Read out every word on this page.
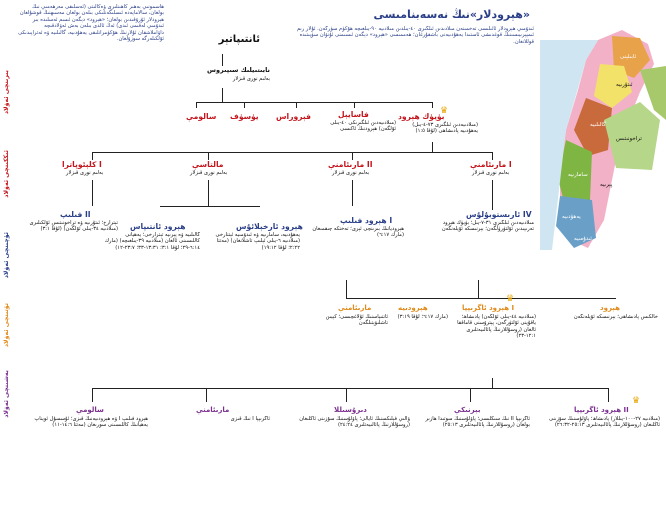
بىرىنچى ئەۋلاد
ئىككىنچى ئەۋلاد
ئۈچىنچى ئەۋلاد
تۆتىنچى ئەۋلاد
بەشىنچى ئەۋلاد
ھاسمونىي بەھىر كاھىنلىرى ۋەكالىتى (ئەسلىقى مەرھەمىي نىڭ بولغان، سالاماپەدە ئىسلىگەنلىكى بىلەن بولغان مەسىھنىڭ قوشۇلغان ھېرودلار ئۇرۇقىدىن بولغان؛ «ھېرود» دېگەن ئىسم ئەسلىدە بىر ئىدۇمىي لەقىمى ئىدى) ئەڭ ئالدى بىلەن بەش ئەۋلادقىچە داۋاملاشقان ئۇلارنىڭ ھۆكۈمرانلىقى يەھۇدىيە، گالىلىيە ۋە ئەتراپىدىكى ئۆلكىلەرگە سوزۇلغان.
«ھېرودلار»نىڭ نەسەبنامىسى
ئىدۇمىي ھېرودلار ئائىلىسى تەخمىنەن مىلادىدىن ئىلگىرى ٤٠-يىلدىن مىلادىيە ٩٠-يىلغىچە ھۆكۈم سۈرگەن. ئۇلار رىم ئىمپېرىيىسىنىڭ قوغدىشى ئاستىدا يەھۇدىيەنى باشقۇرغان؛ ھەممىسى «ھېرود» دېگەن ئىسىمنى ئۇنۋان سۈپىتىدە قوللانغان.
ئابىلېنى
ئىتۇرىيە
گالىلىيە
تراخونىتىس
سامارىيە
پېرىيە
يەھۇدىيە
ئىدۇمىيە
ئانتىپاتېر
نابىتىيلىك سىپىروس
بەلىم نورى قىزلار
سالومې يۈسۈف فېروراس	فاسايېل
(مىلادىيەدىن ئىلگىرىكى ٤٠-يىلى ئۆلگەن) ھېرودنىڭ ئاكىسى
♛
بۈيۈك ھېرود
(مىلادىيەدىن ئىلگىرى ٧٣-٤-يىل) يەھۇدىيە پادىشاھى (لۇقا ١:٥)
كلېئوپاترا I
بەلىم نورى قىزلار
مالتاسې
بەلىم نورى قىزلار
مارىئامنې II
بەلىم نورى قىزلار
مارىئامنې I
بەلىم نورى قىزلار
فىلىپ II
تېترارخ؛ ئىتۇرىيە ۋە تراخونىتىس ئۆلكىلىرى (مىلادىيە ٣٤-يىلى ئۆلگەن) (لۇقا ٣:١) ھېرود ئانتىپاس
گالىلىيە ۋە پېرىيە تېترارخى؛ يەھيانى كاللىسىنى ئالغان (مىلادىيە ٣٩-يىلغىچە) (مارك ٦:١٤-٢٩؛ لۇقا ٣:١؛ ١٣:٣١-٣٣؛ ٢٣:٧-١٢)
ھېرود ئارخېلائۇس
يەھۇدىيە، سامارىيە ۋە ئىدۇمىيە ئېتنارخى (مىلادىيە ٦-يىلى ئېلىپ تاشلانغان) (مەتتا ٢:٢٢؛ لۇقا ١٩:١٢)
ھېرود فىلىپ I
ھېروديانىڭ بىرىنچى ئېرى؛ تەختكە چىقمىغان (مارك ٦:١٧)
ئارىستوبۇلۇس IV
مىلادىيەدىن ئىلگىرى ٣١-٧-يىل؛ بۈيۈك ھېرود تەرىپىدىن ئۆلتۈرۈلگەن؛ بېرنىسكە ئۆيلەنگەن
مارىئامنې
ئانتىپاسنىڭ ئۇلاغچىسى؛ كېيىن تاشلىۋېتىلگەن
ھېرودىيە
(مارك ٦:١٧؛ لۇقا ٣:١٩)
♛
ھېرود ئاگرىپپا I
(مىلادىيە ٤٤-يىلى ئۆلگەن) پادىشاھ؛ ياقۇپنى ئۆلتۈرگەن، پېترۇسنى قاماققا ئالغان (روسۇللارنىڭ پائالىيەتلىرى ١٢:١-٢٣)
ھېرود
خالكىس پادىشاھى؛ بېرنىسكە ئۆيلەنگەن
سالومې
ھېرود فىلىپ I ۋە ھېرودىيەنىڭ قىزى؛ ئۇسسۇل ئويناپ يەھيانىڭ كاللىسىنى سورىغان (مەتتا ١٤:٦-١١)
مارىئامنې
ئاگرىپپا I نىڭ قىزى
دىرۇسىللا
ۋالىي فېلىكسنىڭ ئايالى؛ پاۋلۇسنىڭ سۆزىنى ئاڭلىغان (روسۇللارنىڭ پائالىيەتلىرى ٢٤:٢٤)
بېرنىكې
ئاگرىپپا II نىڭ سىڭلىسى؛ پاۋلۇسنىڭ سوتىدا ھازىر بولغان (روسۇللارنىڭ پائالىيەتلىرى ٢٥:١٣)
♛
ھېرود ئاگرىپپا II
(مىلادىيە ٢٧-١٠٠-يىللار) پادىشاھ؛ پاۋلۇسنىڭ سۆزىنى ئاڭلىغان (روسۇللارنىڭ پائالىيەتلىرى ٢٥:١٣-٢٦:٣٢)
